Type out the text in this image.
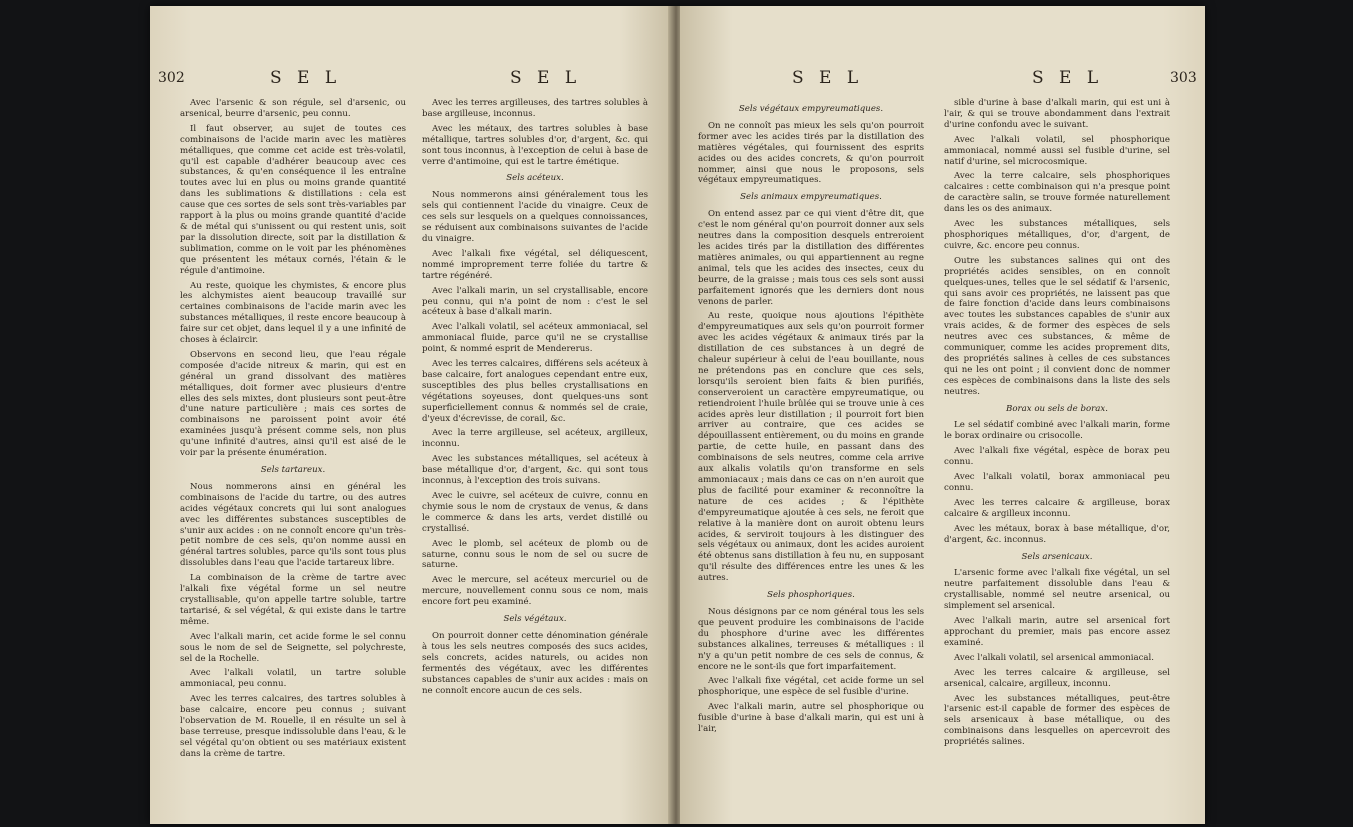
302	S E L	S E L

Avec l'arsenic & son régule, sel d'arsenic, ou arsenical, beurre d'arsenic, peu connu.

Il faut observer, au sujet de toutes ces combinaisons de l'acide marin avec les matières métalliques, que comme cet acide est très-volatil, qu'il est capable d'adhérer beaucoup avec ces substances, & qu'en conséquence il les entraîne toutes avec lui en plus ou moins grande quantité dans les sublimations & distillations : cela est cause que ces sortes de sels sont très-variables par rapport à la plus ou moins grande quantité d'acide & de métal qui s'unissent ou qui restent unis, soit par la dissolution directe, soit par la distillation & sublimation, comme on le voit par les phénomènes que présentent les métaux cornés, l'étain & le régule d'antimoine.

Au reste, quoique les chymistes, & encore plus les alchymistes aient beaucoup travaillé sur certaines combinaisons de l'acide marin avec les substances métalliques, il reste encore beaucoup à faire sur cet objet, dans lequel il y a une infinité de choses à éclaircir.

Observons en second lieu, que l'eau régale composée d'acide nitreux & marin, qui est en général un grand dissolvant des matières métalliques, doit former avec plusieurs d'entre elles des sels mixtes, dont plusieurs sont peut-être d'une nature particulière ; mais ces sortes de combinaisons ne paroissent point avoir été examinées jusqu'à présent comme sels, non plus qu'une infinité d'autres, ainsi qu'il est aisé de le voir par la présente énumération.

Sels tartareux.

Nous nommerons ainsi en général les combinaisons de l'acide du tartre, ou des autres acides végétaux concrets qui lui sont analogues avec les différentes substances susceptibles de s'unir aux acides : on ne connoît encore qu'un très-petit nombre de ces sels, qu'on nomme aussi en général tartres solubles, parce qu'ils sont tous plus dissolubles dans l'eau que l'acide tartareux libre.

La combinaison de la crème de tartre avec l'alkali fixe végétal forme un sel neutre crystallisable, qu'on appelle tartre soluble, tartre tartarisé, & sel végétal, & qui existe dans le tartre même.

Avec l'alkali marin, cet acide forme le sel connu sous le nom de sel de Seignette, sel polychreste, sel de la Rochelle.

Avec l'alkali volatil, un tartre soluble ammoniacal, peu connu.

Avec les terres calcaires, des tartres solubles à base calcaire, encore peu connus ; suivant l'observation de M. Rouelle, il en résulte un sel à base terreuse, presque indissoluble dans l'eau, & le sel végétal qu'on obtient ou ses matériaux existent dans la crème de tartre.

Avec les terres argilleuses, des tartres solubles à base argilleuse, inconnus.

Avec les métaux, des tartres solubles à base métallique, tartres solubles d'or, d'argent, &c. qui sont tous inconnus, à l'exception de celui à base de verre d'antimoine, qui est le tartre émétique.

Sels acéteux.

Nous nommerons ainsi généralement tous les sels qui contiennent l'acide du vinaigre. Ceux de ces sels sur lesquels on a quelques connoissances, se réduisent aux combinaisons suivantes de l'acide du vinaigre.

Avec l'alkali fixe végétal, sel déliquescent, nommé improprement terre foliée du tartre & tartre régénéré.

Avec l'alkali marin, un sel crystallisable, encore peu connu, qui n'a point de nom : c'est le sel acéteux à base d'alkali marin.

Avec l'alkali volatil, sel acéteux ammoniacal, sel ammoniacal fluide, parce qu'il ne se crystallise point, & nommé esprit de Mendererus.

Avec les terres calcaires, différens sels acéteux à base calcaire, fort analogues cependant entre eux, susceptibles des plus belles crystallisations en végétations soyeuses, dont quelques-uns sont superficiellement connus & nommés sel de craie, d'yeux d'écrevisse, de corail, &c.

Avec la terre argilleuse, sel acéteux, argilleux, inconnu.

Avec les substances métalliques, sel acéteux à base métallique d'or, d'argent, &c. qui sont tous inconnus, à l'exception des trois suivans.

Avec le cuivre, sel acéteux de cuivre, connu en chymie sous le nom de crystaux de venus, & dans le commerce & dans les arts, verdet distillé ou crystallisé.

Avec le plomb, sel acéteux de plomb ou de saturne, connu sous le nom de sel ou sucre de saturne.

Avec le mercure, sel acéteux mercuriel ou de mercure, nouvellement connu sous ce nom, mais encore fort peu examiné.

Sels végétaux.

On pourroit donner cette dénomination générale à tous les sels neutres composés des sucs acides, sels concrets, acides naturels, ou acides non fermentés des végétaux, avec les différentes substances capables de s'unir aux acides : mais on ne connoît encore aucun de ces sels.

S E L	S E L	303
Sels végétaux empyreumatiques.

On ne connoît pas mieux les sels qu'on pourroit former avec les acides tirés par la distillation des matières végétales, qui fournissent des esprits acides ou des acides concrets, & qu'on pourroit nommer, ainsi que nous le proposons, sels végétaux empyreumatiques.

Sels animaux empyreumatiques.

On entend assez par ce qui vient d'être dit, que c'est le nom général qu'on pourroit donner aux sels neutres dans la composition desquels entreroient les acides tirés par la distillation des différentes matières animales, ou qui appartiennent au regne animal, tels que les acides des insectes, ceux du beurre, de la graisse ; mais tous ces sels sont aussi parfaitement ignorés que les derniers dont nous venons de parler.

Au reste, quoique nous ajoutions l'épithète d'empyreumatiques aux sels qu'on pourroit former avec les acides végétaux & animaux tirés par la distillation de ces substances à un degré de chaleur supérieur à celui de l'eau bouillante, nous ne prétendons pas en conclure que ces sels, lorsqu'ils seroient bien faits & bien purifiés, conserveroient un caractère empyreumatique, ou retiendroient l'huile brûlée qui se trouve unie à ces acides après leur distillation ; il pourroit fort bien arriver au contraire, que ces acides se dépouillassent entièrement, ou du moins en grande partie, de cette huile, en passant dans des combinaisons de sels neutres, comme cela arrive aux alkalis volatils qu'on transforme en sels ammoniacaux ; mais dans ce cas on n'en auroit que plus de facilité pour examiner & reconnoître la nature de ces acides ; & l'épithète d'empyreumatique ajoutée à ces sels, ne feroit que relative à la manière dont on auroit obtenu leurs acides, & serviroit toujours à les distinguer des sels végétaux ou animaux, dont les acides auroient été obtenus sans distillation à feu nu, en supposant qu'il résulte des différences entre les unes & les autres.

Sels phosphoriques.

Nous désignons par ce nom général tous les sels que peuvent produire les combinaisons de l'acide du phosphore d'urine avec les différentes substances alkalines, terreuses & métalliques : il n'y a qu'un petit nombre de ces sels de connus, & encore ne le sont-ils que fort imparfaitement.

Avec l'alkali fixe végétal, cet acide forme un sel phosphorique, une espèce de sel fusible d'urine.

Avec l'alkali marin, autre sel phosphorique ou fusible d'urine à base d'alkali marin, qui est uni à l'air,

sible d'urine à base d'alkali marin, qui est uni à l'air, & qui se trouve abondamment dans l'extrait d'urine confondu avec le suivant.

Avec l'alkali volatil, sel phosphorique ammoniacal, nommé aussi sel fusible d'urine, sel natif d'urine, sel microcosmique.

Avec la terre calcaire, sels phosphoriques calcaires : cette combinaison qui n'a presque point de caractère salin, se trouve formée naturellement dans les os des animaux.

Avec les substances métalliques, sels phosphoriques métalliques, d'or, d'argent, de cuivre, &c. encore peu connus.

Outre les substances salines qui ont des propriétés acides sensibles, on en connoît quelques-unes, telles que le sel sédatif & l'arsenic, qui sans avoir ces propriétés, ne laissent pas que de faire fonction d'acide dans leurs combinaisons avec toutes les substances capables de s'unir aux vrais acides, & de former des espèces de sels neutres avec ces substances, & même de communiquer, comme les acides proprement dits, des propriétés salines à celles de ces substances qui ne les ont point ; il convient donc de nommer ces espèces de combinaisons dans la liste des sels neutres.

Borax ou sels de borax.

Le sel sédatif combiné avec l'alkali marin, forme le borax ordinaire ou crisocolle.

Avec l'alkali fixe végétal, espèce de borax peu connu.

Avec l'alkali volatil, borax ammoniacal peu connu.

Avec les terres calcaire & argilleuse, borax calcaire & argilleux inconnu.

Avec les métaux, borax à base métallique, d'or, d'argent, &c. inconnus.

Sels arsenicaux.

L'arsenic forme avec l'alkali fixe végétal, un sel neutre parfaitement dissoluble dans l'eau & crystallisable, nommé sel neutre arsenical, ou simplement sel arsenical.

Avec l'alkali marin, autre sel arsenical fort approchant du premier, mais pas encore assez examiné.

Avec l'alkali volatil, sel arsenical ammoniacal.

Avec les terres calcaire & argilleuse, sel arsenical, calcaire, argilleux, inconnu.

Avec les substances métalliques, peut-être l'arsenic est-il capable de former des espèces de sels arsenicaux à base métallique, ou des combinaisons dans lesquelles on apercevroit des propriétés salines.
